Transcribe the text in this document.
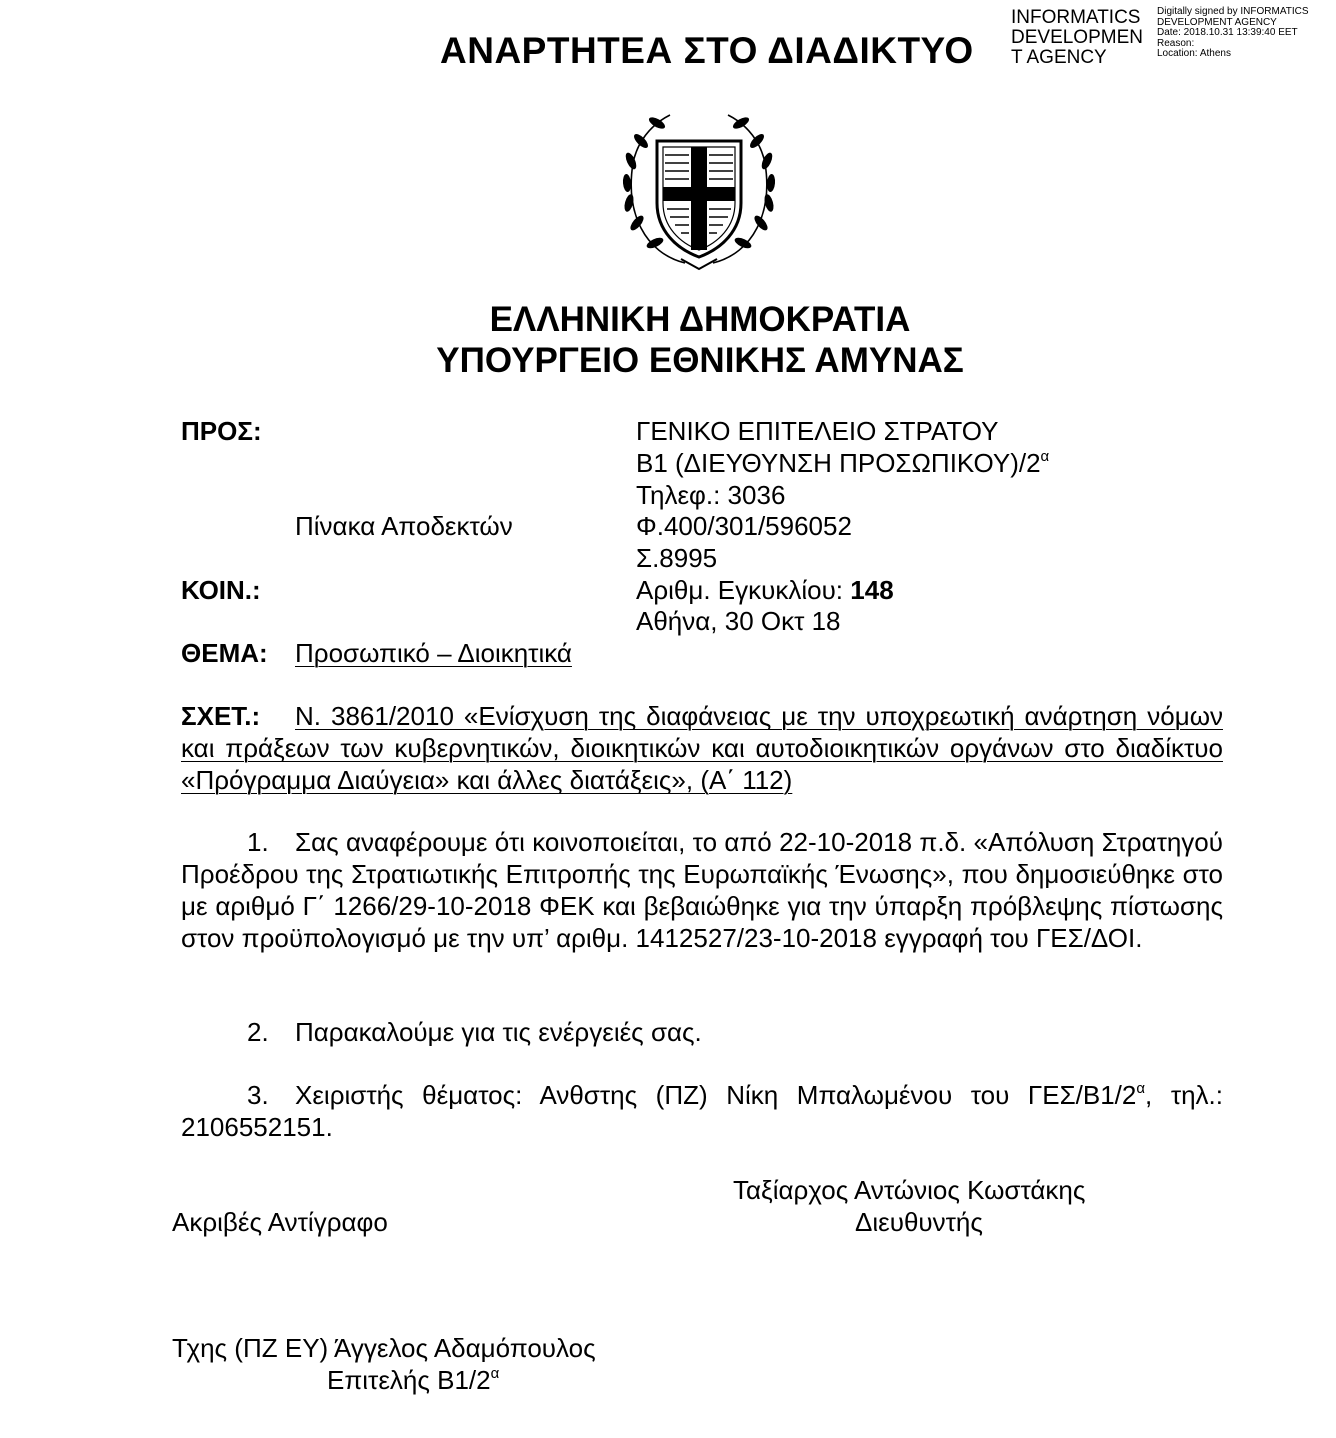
ΑΝΑΡΤΗΤΕΑ ΣΤΟ ΔΙΑΔΙΚΤΥΟ
INFORMATICS DEVELOPMEN T AGENCY
Digitally signed by INFORMATICS DEVELOPMENT AGENCY
Date: 2018.10.31 13:39:40 EET
Reason:
Location: Athens
ΕΛΛΗΝΙΚΗ ΔΗΜΟΚΡΑΤΙΑ
ΥΠΟΥΡΓΕΙΟ ΕΘΝΙΚΗΣ ΑΜΥΝΑΣ
ΠΡΟΣ:
Πίνακα Αποδεκτών
ΚΟΙΝ.:
ΓΕΝΙΚΟ ΕΠΙΤΕΛΕΙΟ ΣΤΡΑΤΟΥ
Β1 (ΔΙΕΥΘΥΝΣΗ $\Pi PO\Sigma\Omega\Pi IKO\Upsilon)/2^\alpha$
Τηλεφ.: 3036
Φ.400/301/596052
Σ.8995
Αριθμ. Εγκυκλίου: 148
Αθήνα, 30 Οκτ 18
ΘΕΜΑ: Προσωπικό – Διοικητικά
ΣΧΕΤ.: Ν. 3861/2010 «Ενίσχυση της διαφάνειας με την υποχρεωτική ανάρτηση νόμων και πράξεων των κυβερνητικών, διοικητικών και αυτοδιοικητικών οργάνων στο διαδίκτυο «Πρόγραμμα Διαύγεια» και άλλες διατάξεις», (Α΄ 112)
1. Σας αναφέρουμε ότι κοινοποιείται, το από 22-10-2018 π.δ. «Απόλυση Στρατηγού Προέδρου της Στρατιωτικής Επιτροπής της Ευρωπαϊκής Ένωσης», που δημοσιεύθηκε στο με αριθμό Γ΄ 1266/29-10-2018 ΦΕΚ και βεβαιώθηκε για την ύπαρξη πρόβλεψης πίστωσης στον προϋπολογισμό με την υπ’ αριθμ. 1412527/23-10-2018 εγγραφή του ΓΕΣ/ΔΟΙ.
2. Παρακαλούμε για τις ενέργειές σας.
3. Χειριστής θέματος: Ανθστης (ΠΖ) Νίκη Μπαλωμένου του ΓΕΣ/$B1/2^\alpha$, τηλ.: 2106552151.
Ταξίαρχος Αντώνιος Κωστάκης
Διευθυντής
Ακριβές Αντίγραφο
Τχης (ΠΖ ΕΥ) Άγγελος Αδαμόπουλος
Επιτελής $B1/2^\alpha$
